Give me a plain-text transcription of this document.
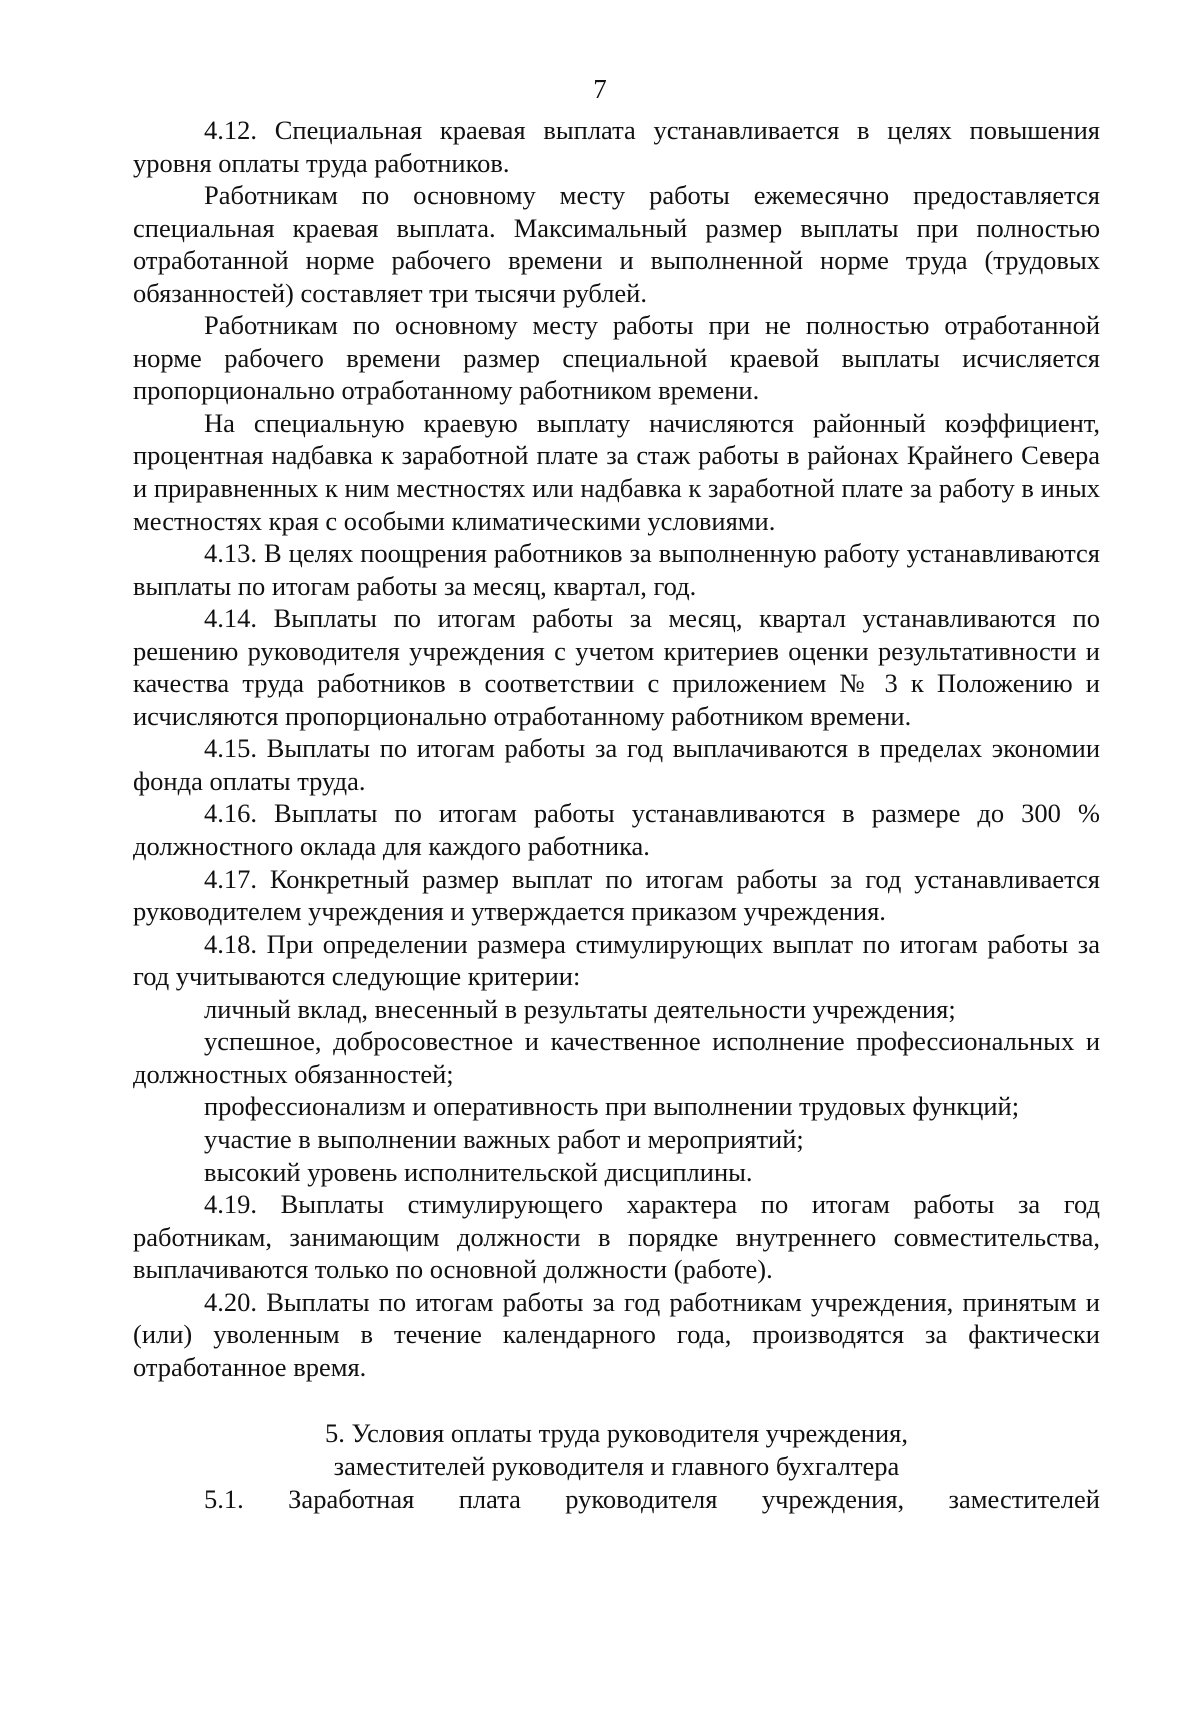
7

4.12. Специальная краевая выплата устанавливается в целях повышения уровня оплаты труда работников.

Работникам по основному месту работы ежемесячно предоставляется специальная краевая выплата. Максимальный размер выплаты при полностью отработанной норме рабочего времени и выполненной норме труда (трудовых обязанностей) составляет три тысячи рублей.

Работникам по основному месту работы при не полностью отработанной норме рабочего времени размер специальной краевой выплаты исчисляется пропорционально отработанному работником времени.

На специальную краевую выплату начисляются районный коэффициент, процентная надбавка к заработной плате за стаж работы в районах Крайнего Севера и приравненных к ним местностях или надбавка к заработной плате за работу в иных местностях края с особыми климатическими условиями.

4.13. В целях поощрения работников за выполненную работу устанавливаются выплаты по итогам работы за месяц, квартал, год.

4.14. Выплаты по итогам работы за месяц, квартал устанавливаются по решению руководителя учреждения с учетом критериев оценки результативности и качества труда работников в соответствии с приложением № 3 к Положению и исчисляются пропорционально отработанному работником времени.

4.15. Выплаты по итогам работы за год выплачиваются в пределах экономии фонда оплаты труда.

4.16. Выплаты по итогам работы устанавливаются в размере до 300 % должностного оклада для каждого работника.

4.17. Конкретный размер выплат по итогам работы за год устанавливается руководителем учреждения и утверждается приказом учреждения.

4.18. При определении размера стимулирующих выплат по итогам работы за год учитываются следующие критерии:

личный вклад, внесенный в результаты деятельности учреждения;

успешное, добросовестное и качественное исполнение профессиональных и должностных обязанностей;

профессионализм и оперативность при выполнении трудовых функций;

участие в выполнении важных работ и мероприятий;

высокий уровень исполнительской дисциплины.

4.19. Выплаты стимулирующего характера по итогам работы за год работникам, занимающим должности в порядке внутреннего совместительства, выплачиваются только по основной должности (работе).

4.20. Выплаты по итогам работы за год работникам учреждения, принятым и (или) уволенным в течение календарного года, производятся за фактически отработанное время.

5. Условия оплаты труда руководителя учреждения,
заместителей руководителя и главного бухгалтера

5.1. Заработная плата руководителя учреждения, заместителей
